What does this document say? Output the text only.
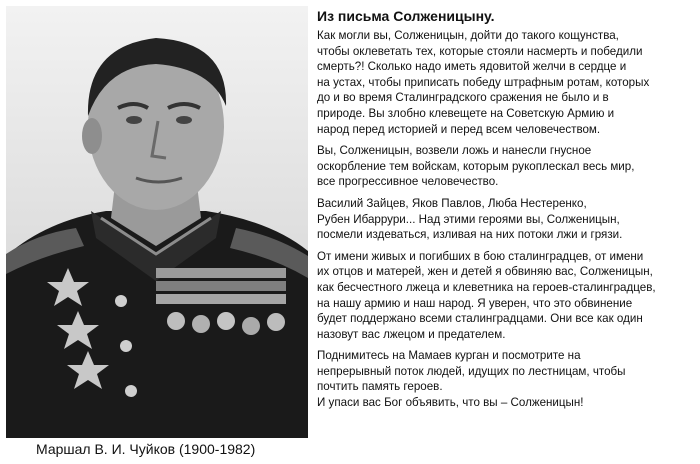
Маршал В. И. Чуйков (1900-1982)
Из письма Солженицыну.

Как могли вы, Солженицын, дойти до такого кощунства,
чтобы оклеветать тех, которые стояли насмерть и победили
смерть?! Сколько надо иметь ядовитой желчи в сердце и
на устах, чтобы приписать победу штрафным ротам, которых
до и во время Сталинградского сражения не было и в
природе. Вы злобно клевещете на Советскую Армию и
народ перед историей и перед всем человечеством.

Вы, Солженицын, возвели ложь и нанесли гнусное
оскорбление тем войскам, которым рукоплескал весь мир,
все прогрессивное человечество.

Василий Зайцев, Яков Павлов, Люба Нестеренко,
Рубен Ибаррури... Над этими героями вы, Солженицын,
посмели издеваться, изливая на них потоки лжи и грязи.

От имени живых и погибших в бою сталинградцев, от имени
их отцов и матерей, жен и детей я обвиняю вас, Солженицын,
как бесчестного лжеца и клеветника на героев-сталинградцев,
на нашу армию и наш народ. Я уверен, что это обвинение
будет поддержано всеми сталинградцами. Они все как один
назовут вас лжецом и предателем.

Поднимитесь на Мамаев курган и посмотрите на
непрерывный поток людей, идущих по лестницам, чтобы
почтить память героев.
И упаси вас Бог объявить, что вы – Солженицын!
